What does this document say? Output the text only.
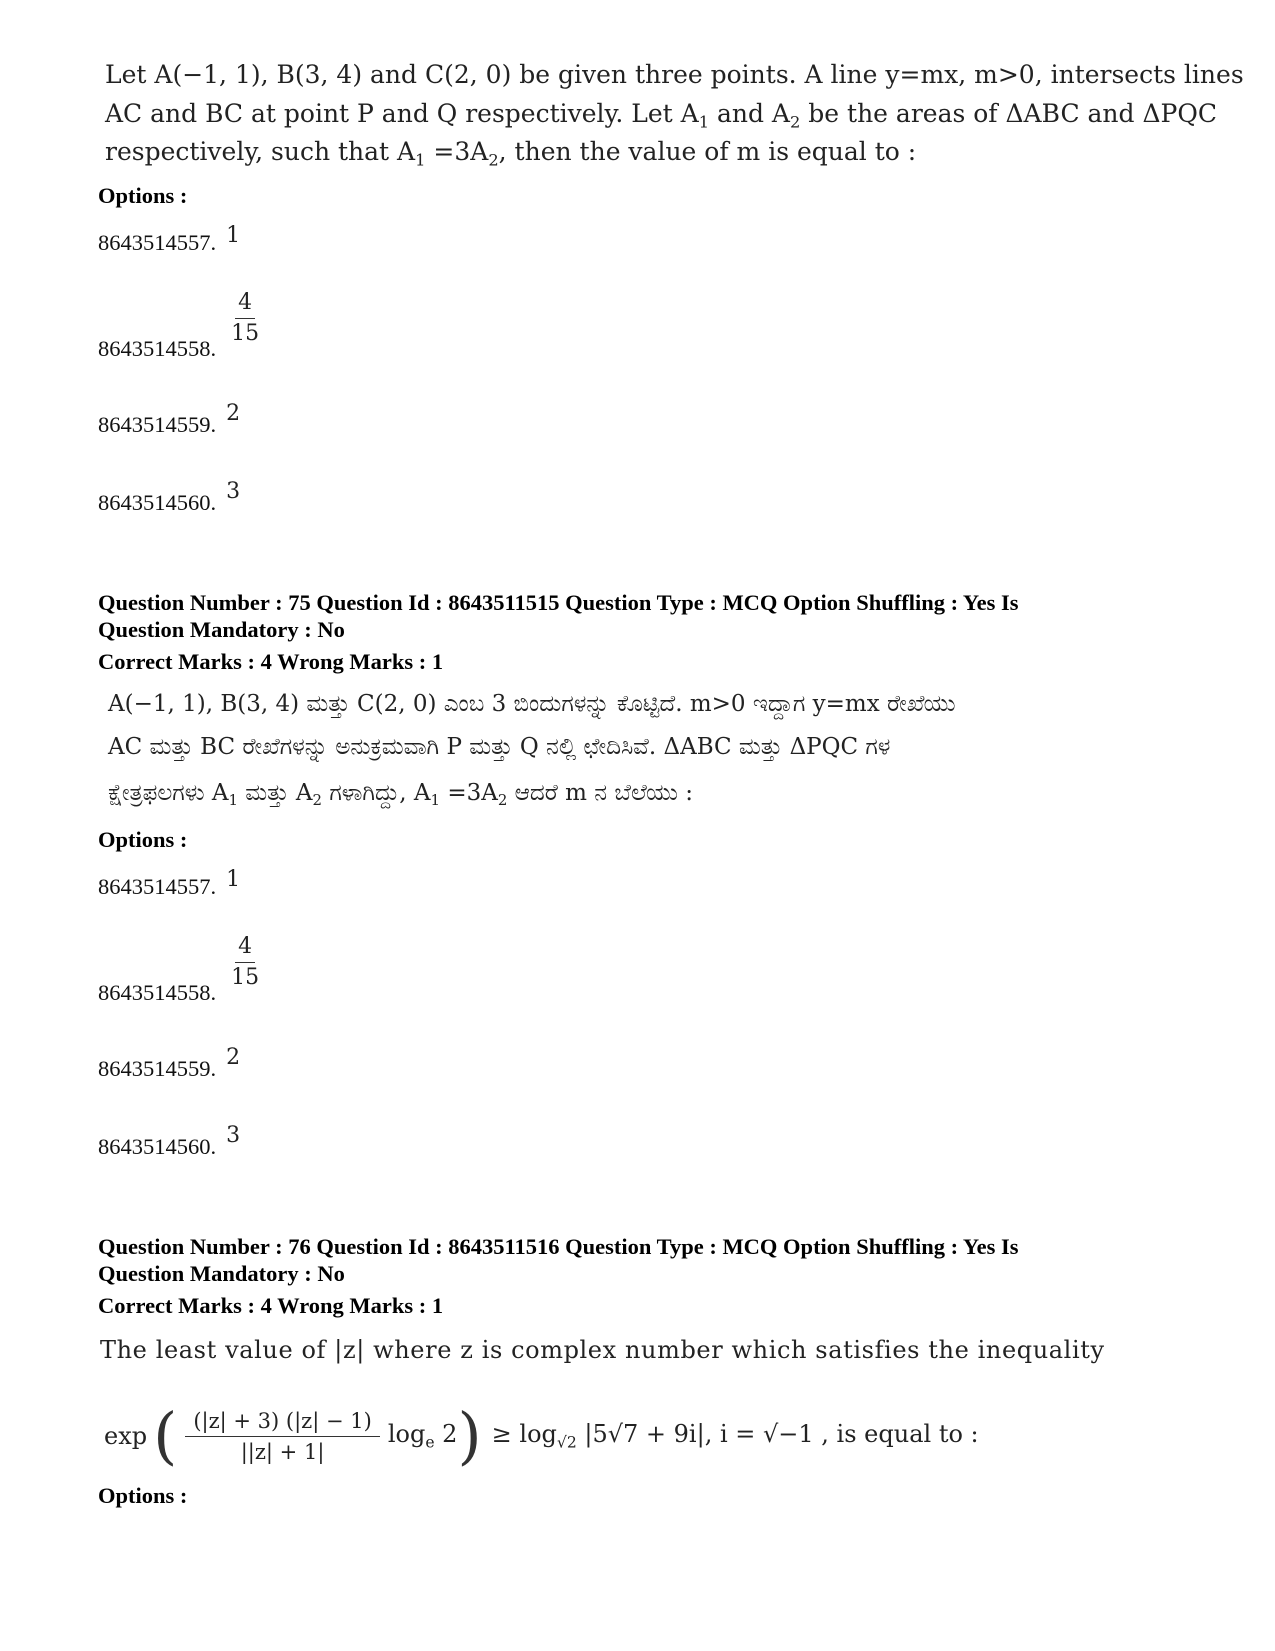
Let A(−1, 1), B(3, 4) and C(2, 0) be given three points. A line y=mx, m>0, intersects lines
AC and BC at point P and Q respectively. Let $A_1$ and $A_2$ be the areas of ΔABC and ΔPQC
respectively, such that $A_1 =3A_2$, then the value of m is equal to :
Options :
8643514557. 1
8643514558.
$\frac{4}{15}$
8643514559. 2
8643514560. 3
Question Number : 75 Question Id : 8643511515 Question Type : MCQ Option Shuffling : Yes Is
Question Mandatory : No
Correct Marks : 4 Wrong Marks : 1
A(−1, 1), B(3, 4) ಮತ್ತು C(2, 0) ಎಂಬ 3 ಬಿಂದುಗಳನ್ನು ಕೊಟ್ಟಿದೆ. m>0 ಇದ್ದಾಗ y=mx ರೇಖೆಯು
AC ಮತ್ತು BC ರೇಖೆಗಳನ್ನು ಅನುಕ್ರಮವಾಗಿ P ಮತ್ತು Q ನಲ್ಲಿ ಛೇದಿಸಿವೆ. ΔABC ಮತ್ತು ΔPQC ಗಳ
ಕ್ಷೇತ್ರಫಲಗಳು $A_1$ ಮತ್ತು $A_2$ ಗಳಾಗಿದ್ದು, $A_1 =3A_2$ ಆದರೆ m ನ ಬೆಲೆಯು :
Options :
8643514557. 1
8643514558.
$\frac{4}{15}$
8643514559. 2
8643514560. 3
Question Number : 76 Question Id : 8643511516 Question Type : MCQ Option Shuffling : Yes Is
Question Mandatory : No
Correct Marks : 4 Wrong Marks : 1
The least value of |z| where z is complex number which satisfies the inequality
exp ( $\frac{(|z| + 3) (|z| - 1)}{||z| + 1|} \log_e 2$ ) ≥ $\log_{√2} |5√7 + 9i|$, i = √−1 , is equal to :
Options :
